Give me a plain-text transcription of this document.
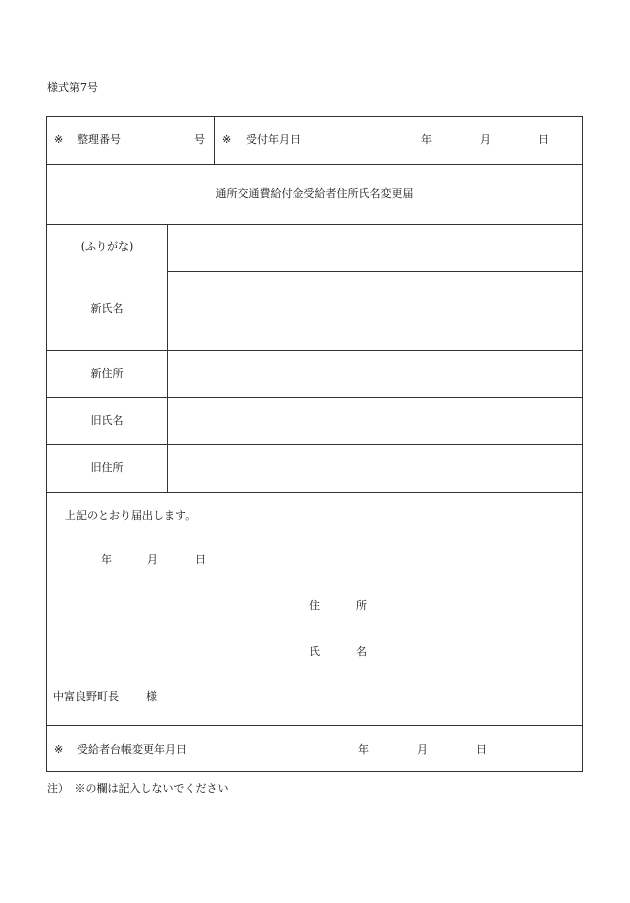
様式第7号
※ 整理番号	号 ※ 受付年月日	年	月	日
通所交通費給付金受給者住所氏名変更届
(ふりがな)
新氏名
新住所
旧氏名
旧住所
上記のとおり届出します。
年	月	日
住	所
氏	名
中富良野町長 様
※ 受給者台帳変更年月日	年	月	日
注）　※の欄は記入しないでください
